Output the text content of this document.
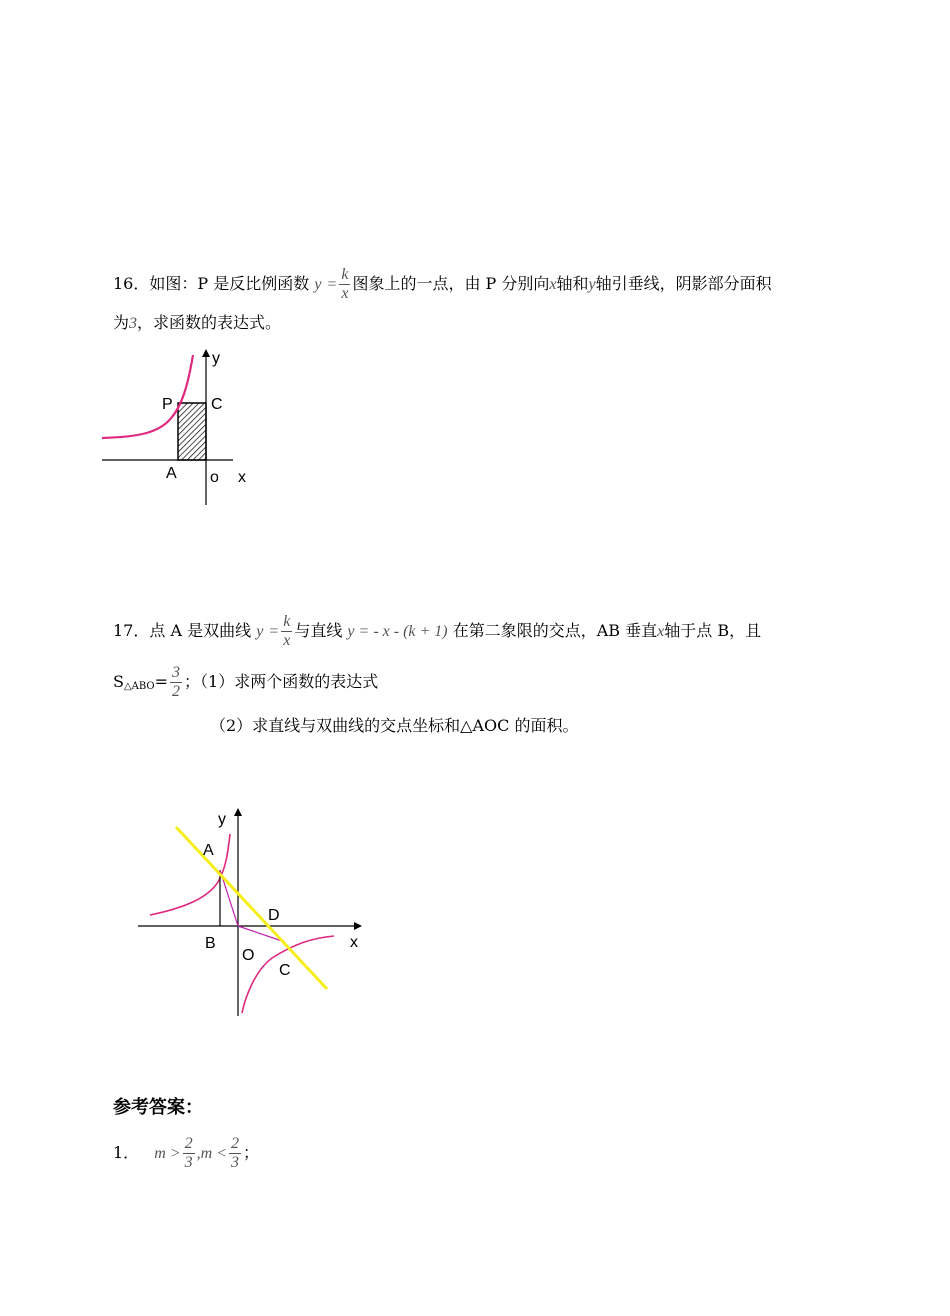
16．如图：P 是反比例函数 $y = \frac{k}{x}$ 图象上的一点，由 P 分别向x轴和y轴引垂线，阴影部分面积
为3，求函数的表达式。
y
P C
A o x
17．点 A 是双曲线 $y = \frac{k}{x}$ 与直线 y = - x - (k + 1) 在第二象限的交点，AB 垂直x轴于点 B，且
$S_{\triangle ABO}= \frac{3}{2}$ ；（1）求两个函数的表达式
（2）求直线与双曲线的交点坐标和△AOC 的面积。
y
A
D
B
O
C
x
参考答案：
1． $m > \frac{2}{3} ,m < \frac{2}{3}$ ；
